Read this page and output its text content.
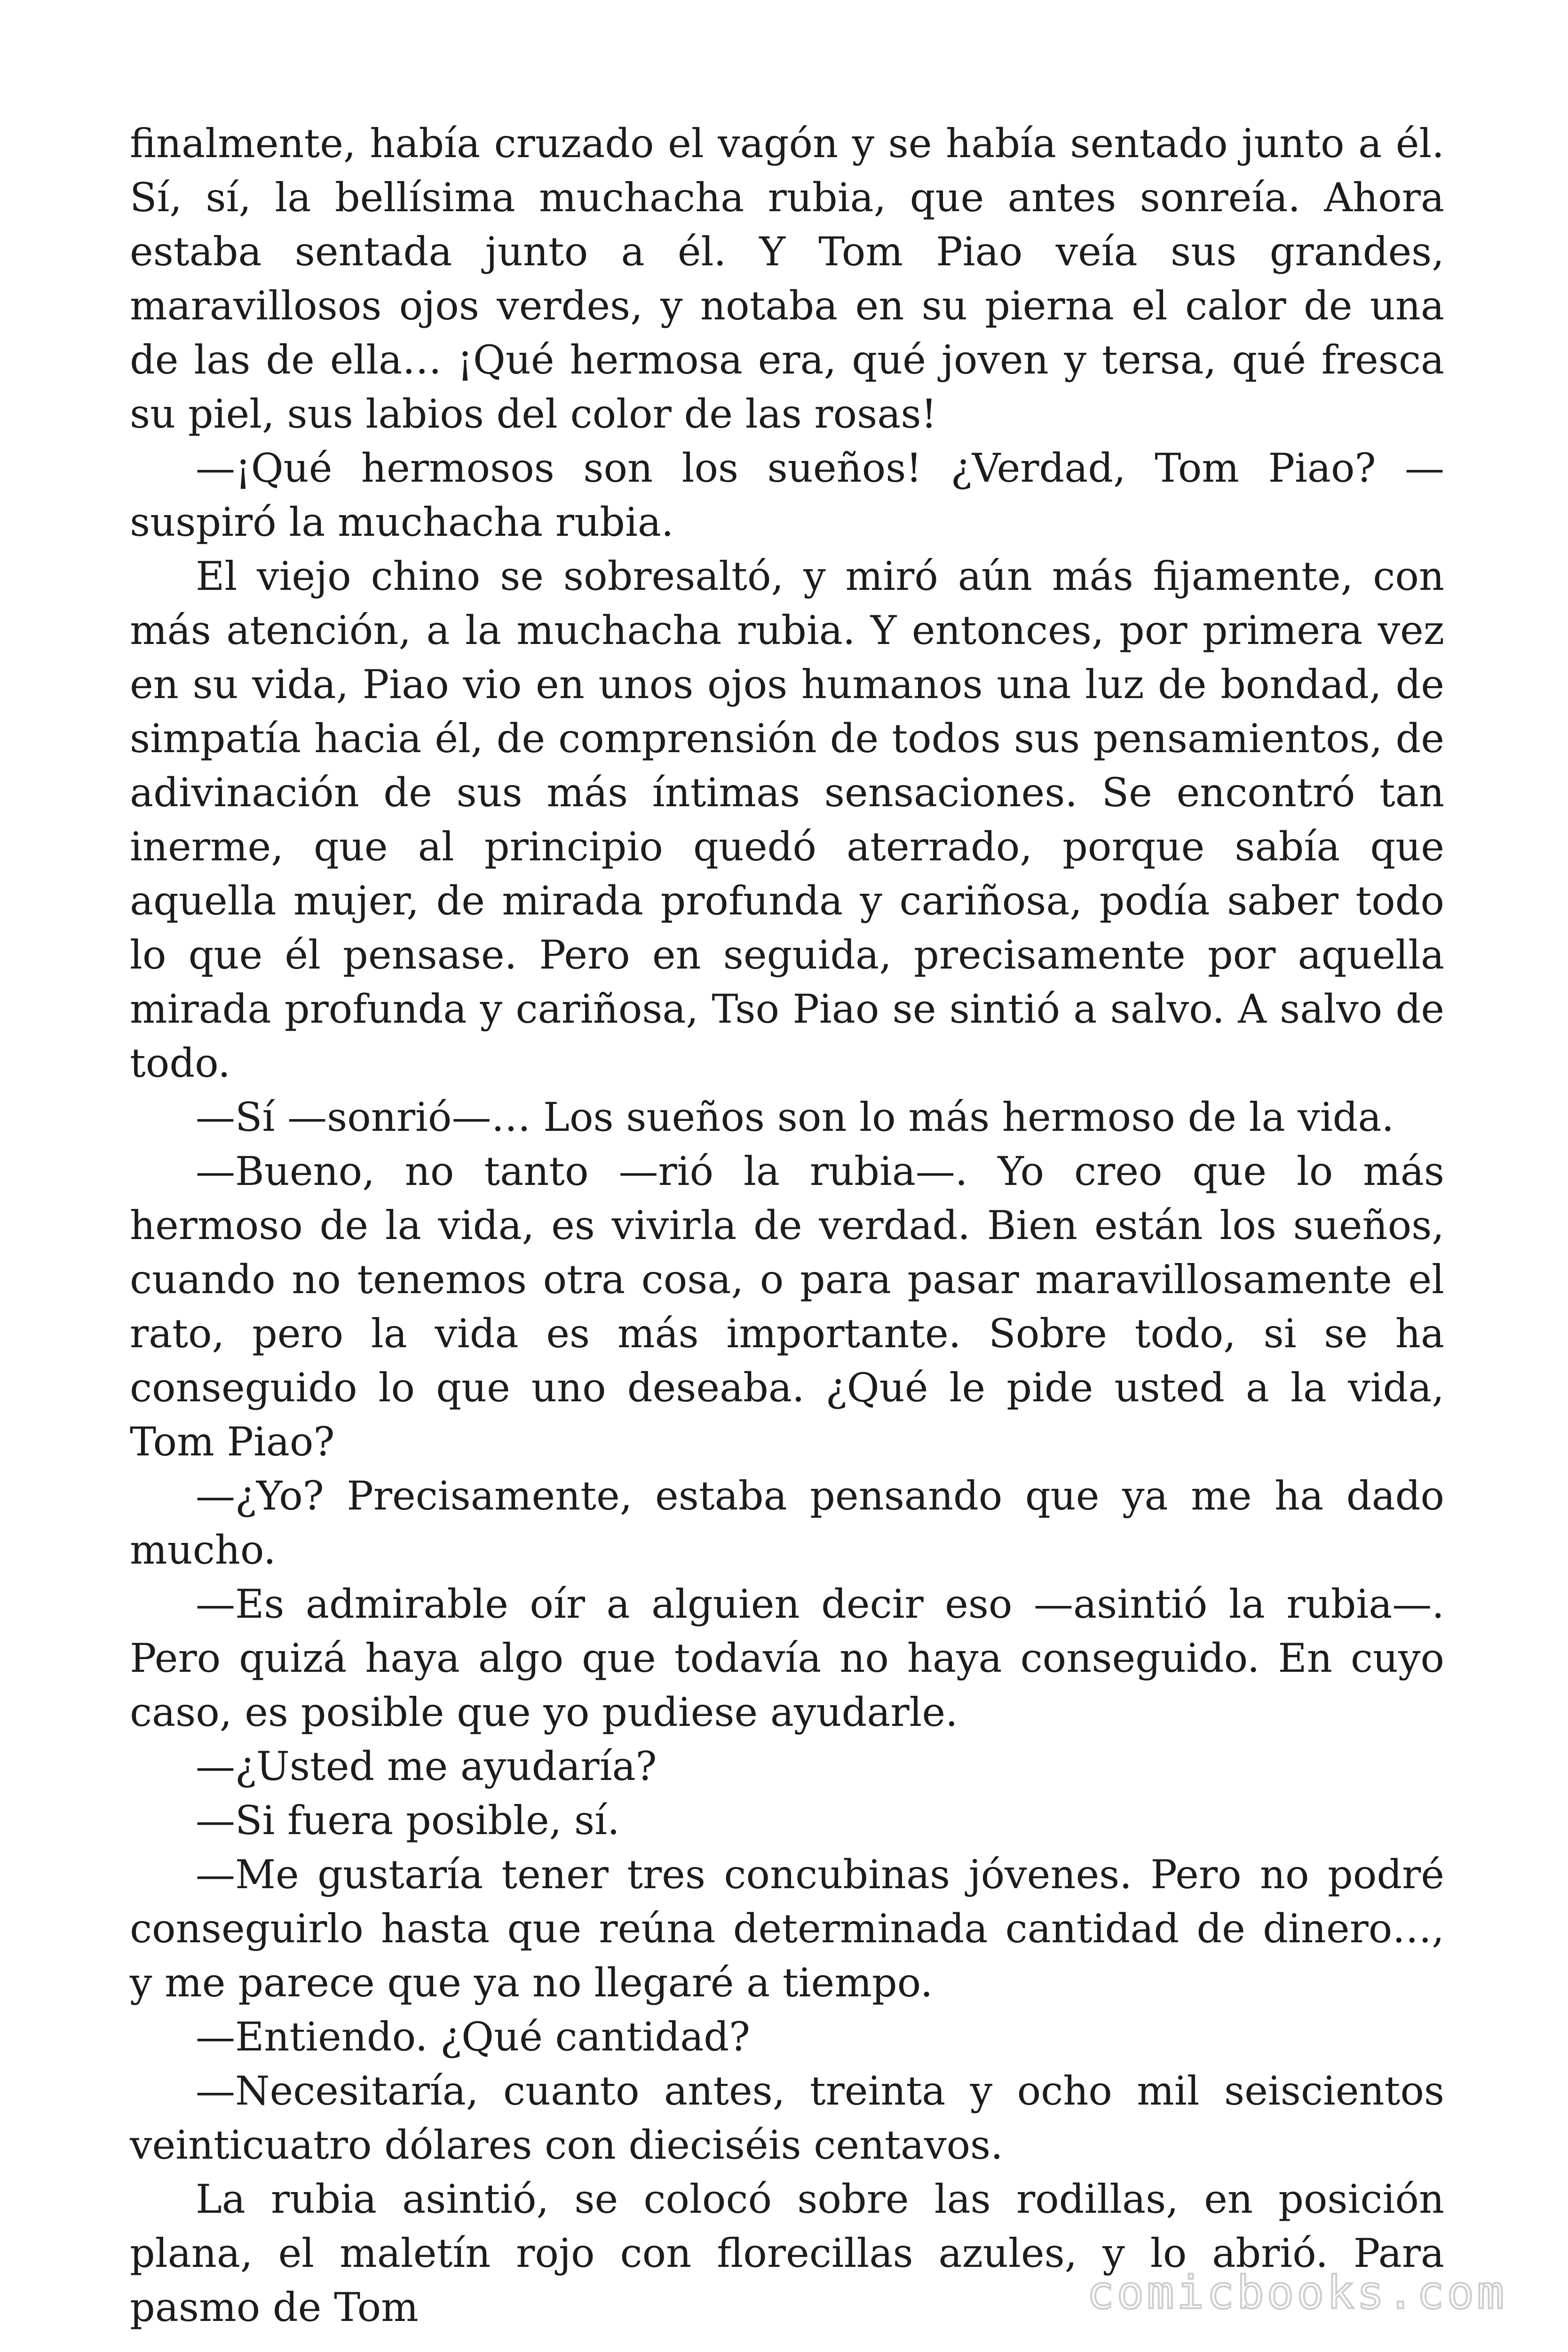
finalmente, había cruzado el vagón y se había sentado junto a él. Sí, sí, la bellísima muchacha rubia, que antes sonreía. Ahora estaba sentada junto a él. Y Tom Piao veía sus grandes, maravillosos ojos verdes, y notaba en su pierna el calor de una de las de ella… ¡Qué hermosa era, qué joven y tersa, qué fresca su piel, sus labios del color de las rosas!

—¡Qué hermosos son los sueños! ¿Verdad, Tom Piao? —suspiró la muchacha rubia.

El viejo chino se sobresaltó, y miró aún más fijamente, con más atención, a la muchacha rubia. Y entonces, por primera vez en su vida, Piao vio en unos ojos humanos una luz de bondad, de simpatía hacia él, de comprensión de todos sus pensamientos, de adivinación de sus más íntimas sensaciones. Se encontró tan inerme, que al principio quedó aterrado, porque sabía que aquella mujer, de mirada profunda y cariñosa, podía saber todo lo que él pensase. Pero en seguida, precisamente por aquella mirada profunda y cariñosa, Tso Piao se sintió a salvo. A salvo de todo.

—Sí —sonrió—… Los sueños son lo más hermoso de la vida.

—Bueno, no tanto —rió la rubia—. Yo creo que lo más hermoso de la vida, es vivirla de verdad. Bien están los sueños, cuando no tenemos otra cosa, o para pasar maravillosamente el rato, pero la vida es más importante. Sobre todo, si se ha conseguido lo que uno deseaba. ¿Qué le pide usted a la vida, Tom Piao?

—¿Yo? Precisamente, estaba pensando que ya me ha dado mucho.

—Es admirable oír a alguien decir eso —asintió la rubia—. Pero quizá haya algo que todavía no haya conseguido. En cuyo caso, es posible que yo pudiese ayudarle.

—¿Usted me ayudaría?

—Si fuera posible, sí.

—Me gustaría tener tres concubinas jóvenes. Pero no podré conseguirlo hasta que reúna determinada cantidad de dinero…, y me parece que ya no llegaré a tiempo.

—Entiendo. ¿Qué cantidad?

—Necesitaría, cuanto antes, treinta y ocho mil seiscientos veinticuatro dólares con dieciséis centavos.

La rubia asintió, se colocó sobre las rodillas, en posición plana, el maletín rojo con florecillas azules, y lo abrió. Para pasmo de Tom	comicbooks.com
